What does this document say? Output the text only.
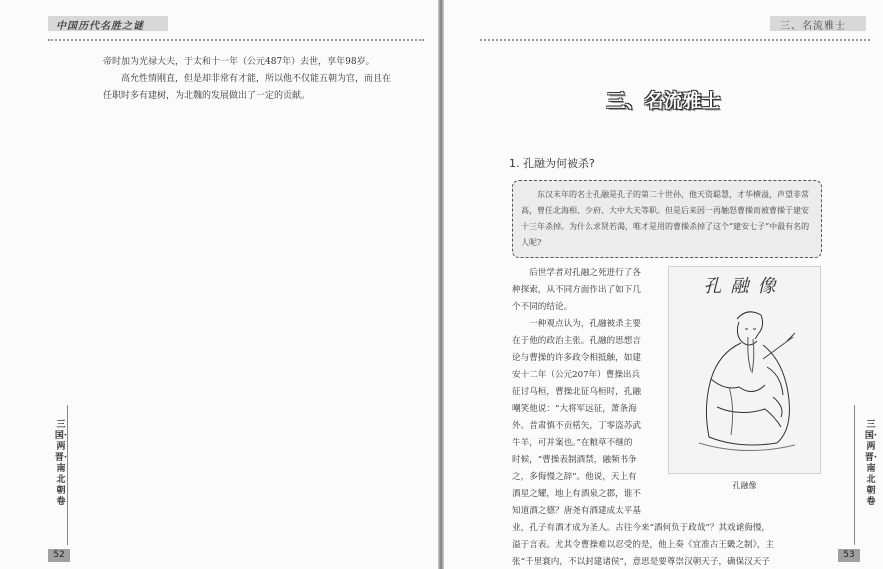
中国历代名胜之谜

帝时加为光禄大夫，于太和十一年（公元487年）去世，享年98岁。

高允性情刚直，但是却非常有才能，所以他不仅能五朝为官，而且在任职时多有建树，为北魏的发展做出了一定的贡献。

三国·两晋·南北朝卷
52
三、名流雅士
三、名流雅士
1. 孔融为何被杀?

东汉末年的名士孔融是孔子的第二十世孙，他天资聪慧，才华横溢，声望非常高，曾任北海相、少府、大中大夫等职。但是后来因一再触怒曹操而被曹操于建安十三年杀掉。为什么求贤若渴，唯才是用的曹操杀掉了这个“建安七子”中最有名的人呢?

后世学者对孔融之死进行了各
种探索，从不同方面作出了如下几
个不同的结论。
一种观点认为，孔融被杀主要
在于他的政治主张。孔融的思想言
论与曹操的许多政令相抵触，如建
安十二年（公元207年）曹操出兵
征讨乌桓，曹操北征乌桓时，孔融
嘲笑他说：“大将军远征，萧条海
外。昔肃慎不贡楛矢，丁零盗苏武
牛羊，可并案也。”在粮草不继的
时候，“曹操表制酒禁，融频书争
之，多侮慢之辞”。他说，天上有
酒星之耀，地上有酒泉之郡，谁不
知道酒之德？唐尧有酒建成太平基
业，孔子有酒才成为圣人。古往今来“酒何负于政哉”？其戏谑侮慢，
溢于言表。尤其令曹操难以忍受的是，他上奏《宜准古王畿之制》，主
张“千里寰内，不以封建诸侯”，意思是要尊崇汉朝天子，确保汉天子
孔融像
孔融像
三国·两晋·南北朝卷
53
